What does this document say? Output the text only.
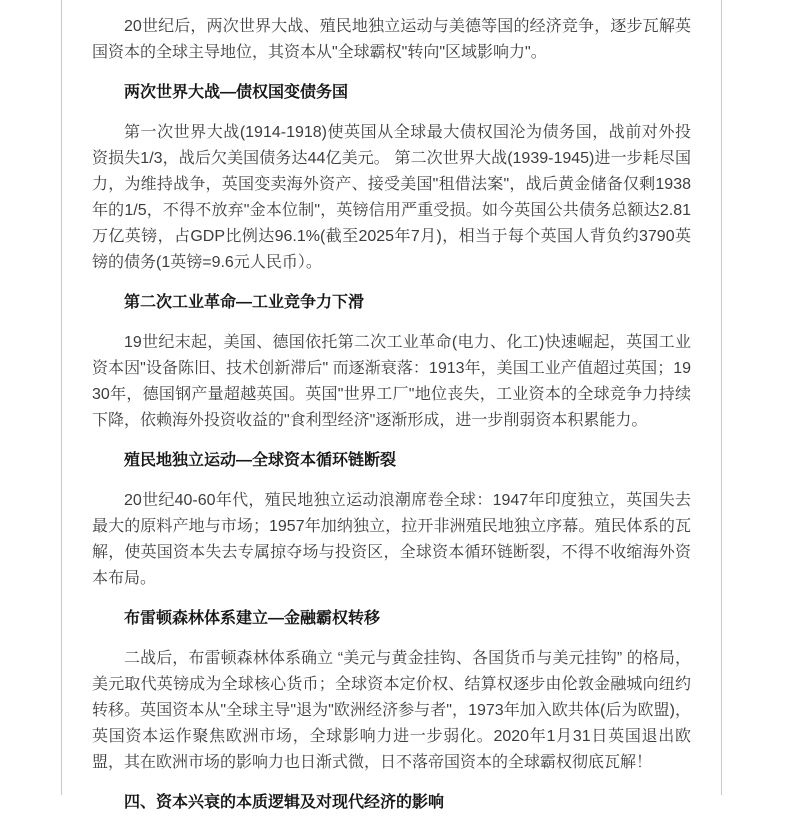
20世纪后，两次世界大战、殖民地独立运动与美德等国的经济竞争，逐步瓦解英国资本的全球主导地位，其资本从"全球霸权"转向"区域影响力"。

两次世界大战—债权国变债务国

第一次世界大战(1914-1918)使英国从全球最大债权国沦为债务国，战前对外投资损失1/3，战后欠美国债务达44亿美元。 第二次世界大战(1939-1945)进一步耗尽国力，为维持战争，英国变卖海外资产、接受美国"租借法案"，战后黄金储备仅剩1938年的1/5，不得不放弃"金本位制"，英镑信用严重受损。如今英国公共债务总额达2.81万亿英镑，占GDP比例达96.1%(截至2025年7月)，相当于每个英国人背负约3790英镑的债务(1英镑=9.6元人民币）。

第二次工业革命—工业竞争力下滑

19世纪末起，美国、德国依托第二次工业革命(电力、化工)快速崛起，英国工业资本因"设备陈旧、技术创新滞后" 而逐渐衰落：1913年，美国工业产值超过英国；1930年，德国钢产量超越英国。英国"世界工厂"地位丧失，工业资本的全球竞争力持续下降，依赖海外投资收益的"食利型经济"逐渐形成，进一步削弱资本积累能力。

殖民地独立运动—全球资本循环链断裂

20世纪40-60年代，殖民地独立运动浪潮席卷全球：1947年印度独立，英国失去最大的原料产地与市场；1957年加纳独立，拉开非洲殖民地独立序幕。殖民体系的瓦解，使英国资本失去专属掠夺场与投资区，全球资本循环链断裂，不得不收缩海外资本布局。

布雷顿森林体系建立—金融霸权转移

二战后，布雷顿森林体系确立 “美元与黄金挂钩、各国货币与美元挂钩” 的格局，美元取代英镑成为全球核心货币；全球资本定价权、结算权逐步由伦敦金融城向纽约转移。英国资本从"全球主导"退为"欧洲经济参与者"，1973年加入欧共体(后为欧盟)，英国资本运作聚焦欧洲市场，全球影响力进一步弱化。2020年1月31日英国退出欧盟，其在欧洲市场的影响力也日渐式微，日不落帝国资本的全球霸权彻底瓦解！

四、资本兴衰的本质逻辑及对现代经济的影响
